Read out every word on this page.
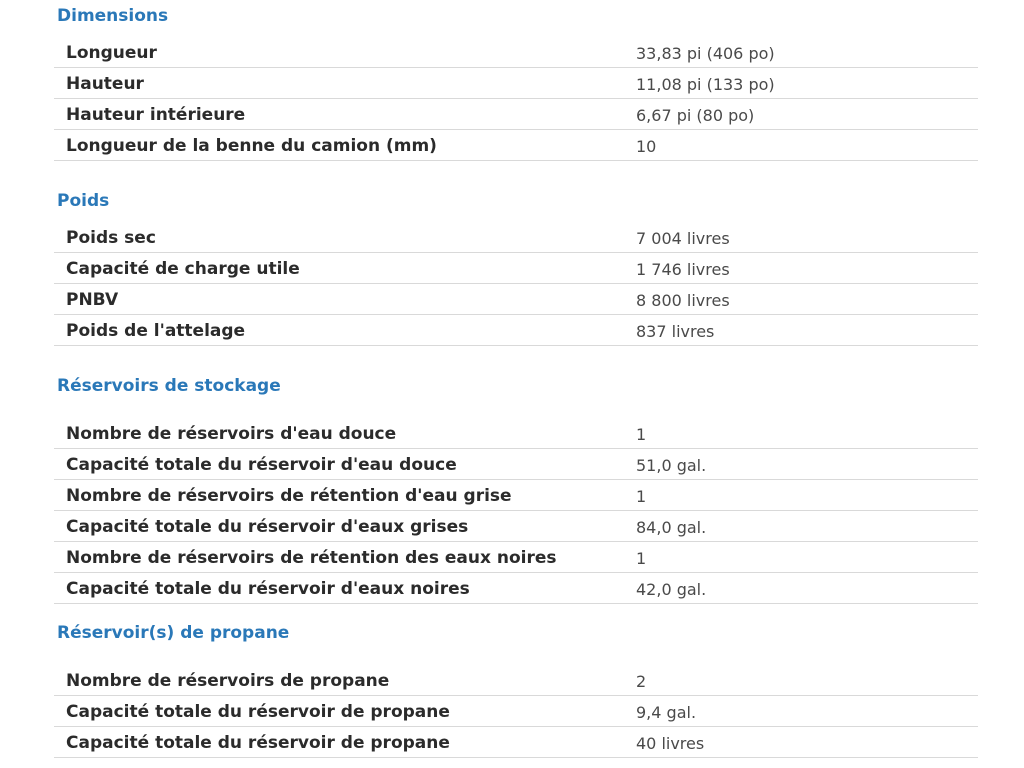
Dimensions
Longueur	33,83 pi (406 po)
Hauteur	11,08 pi (133 po)
Hauteur intérieure	6,67 pi (80 po)
Longueur de la benne du camion (mm)	10
Poids
Poids sec	7 004 livres
Capacité de charge utile	1 746 livres
PNBV	8 800 livres
Poids de l'attelage	837 livres
Réservoirs de stockage
Nombre de réservoirs d'eau douce	1
Capacité totale du réservoir d'eau douce	51,0 gal.
Nombre de réservoirs de rétention d'eau grise	1
Capacité totale du réservoir d'eaux grises	84,0 gal.
Nombre de réservoirs de rétention des eaux noires	1
Capacité totale du réservoir d'eaux noires	42,0 gal.
Réservoir(s) de propane
Nombre de réservoirs de propane	2
Capacité totale du réservoir de propane	9,4 gal.
Capacité totale du réservoir de propane	40 livres
